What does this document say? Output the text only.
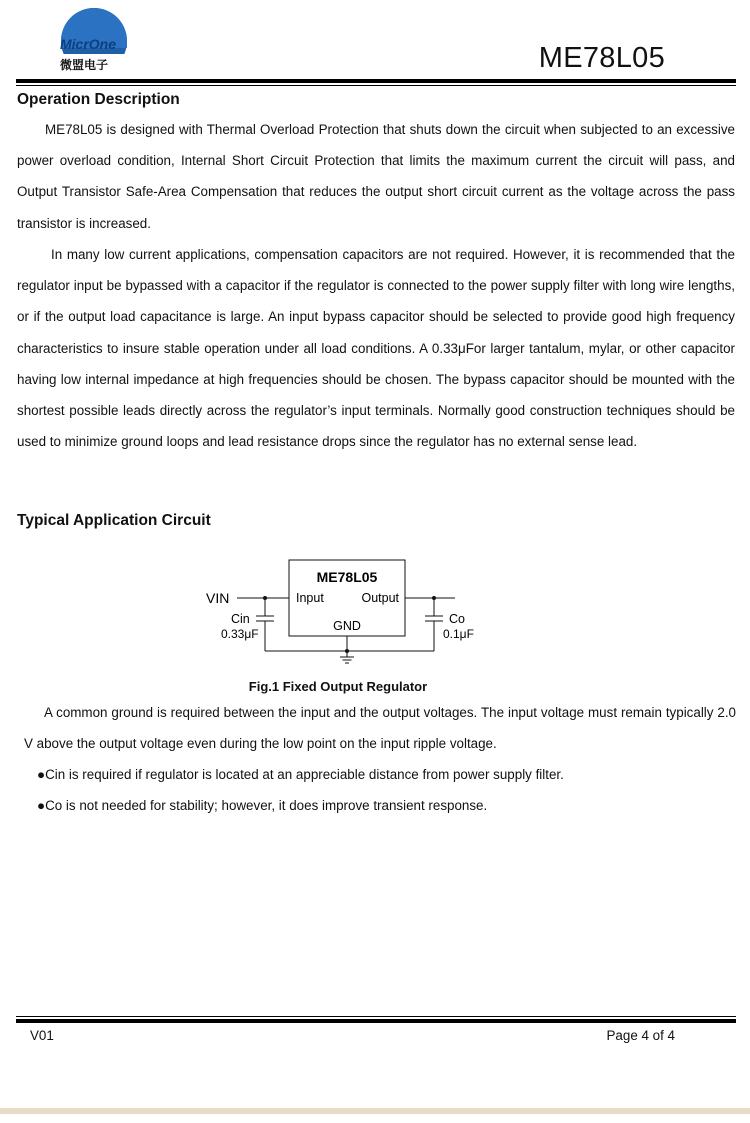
MicrOne
微盟电子	ME78L05
Operation Description

ME78L05 is designed with Thermal Overload Protection that shuts down the circuit when subjected to an excessive power overload condition, Internal Short Circuit Protection that limits the maximum current the circuit will pass, and Output Transistor Safe-Area Compensation that reduces the output short circuit current as the voltage across the pass transistor is increased.

In many low current applications, compensation capacitors are not required. However, it is recommended that the regulator input be bypassed with a capacitor if the regulator is connected to the power supply filter with long wire lengths, or if the output load capacitance is large. An input bypass capacitor should be selected to provide good high frequency characteristics to insure stable operation under all load conditions. A 0.33μFor larger tantalum, mylar, or other capacitor having low internal impedance at high frequencies should be chosen. The bypass capacitor should be mounted with the shortest possible leads directly across the regulator’s input terminals. Normally good construction techniques should be used to minimize ground loops and lead resistance drops since the regulator has no external sense lead.

Typical Application Circuit
ME78L05
Input	Output
GND
VIN
Cin
0.33μF
Co
0.1μF
Fig.1 Fixed Output Regulator

A common ground is required between the input and the output voltages. The input voltage must remain typically 2.0 V above the output voltage even during the low point on the input ripple voltage.

●Cin is required if regulator is located at an appreciable distance from power supply filter.

●Co is not needed for stability; however, it does improve transient response.

V01	Page 4 of 4
